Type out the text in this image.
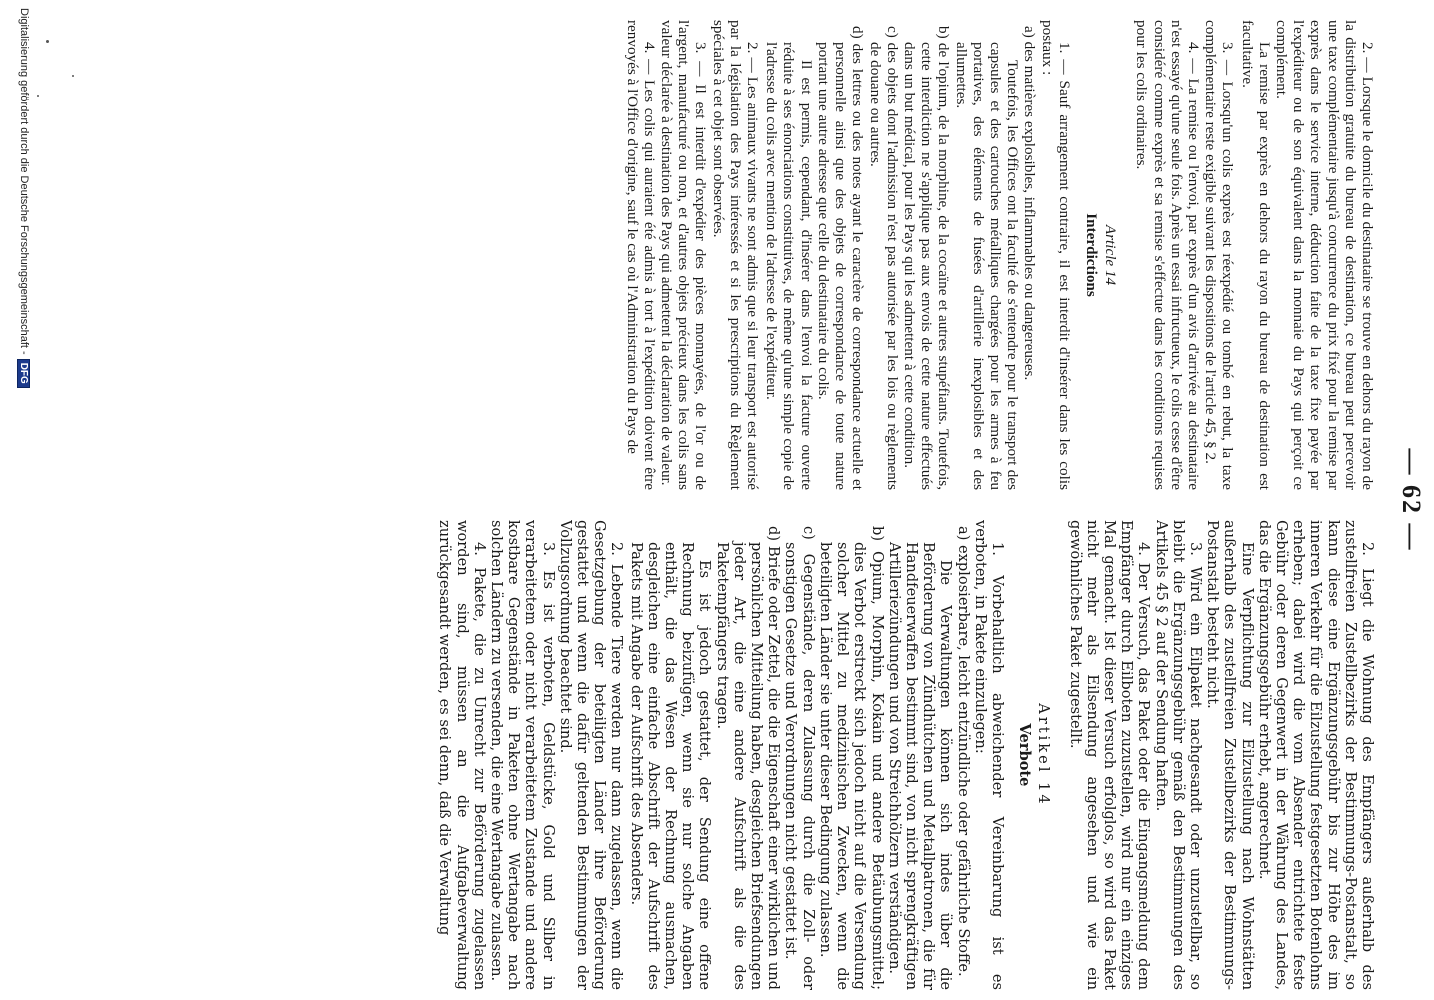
— 62 —

2. — Lorsque le domicile du destinataire se trouve en dehors du rayon de la distribution gratuite du bureau de destination, ce bureau peut percevoir une taxe complémentaire jusqu'à concurrence du prix fixé pour la remise par exprès dans le service interne, déduction faite de la taxe fixe payée par l'expéditeur ou de son équivalent dans la monnaie du Pays qui perçoit ce complément.

La remise par exprès en dehors du rayon du bureau de destination est facultative.

3. — Lorsqu'un colis exprès est réexpédié ou tombé en rebut, la taxe complémentaire reste exigible suivant les dispositions de l'article 45, § 2.

4. — La remise ou l'envoi, par exprès d'un avis d'arrivée au destinataire n'est essayé qu'une seule fois. Après un essai infructueux, le colis cesse d'être considéré comme exprès et sa remise s'effectue dans les conditions requises pour les colis ordinaires.

Article 14
Interdictions

1. — Sauf arrangement contraire, il est interdit d'insérer dans les colis postaux :

a) des matières explosibles, inflammables ou dangereuses.

Toutefois, les Offices ont la faculté de s'entendre pour le transport des capsules et des cartouches métalliques chargées pour les armes à feu portatives, des éléments de fusées d'artillerie inexplosibles et des allumettes.

b) de l'opium, de la morphine, de la cocaïne et autres stupéfiants. Toutefois, cette interdiction ne s'applique pas aux envois de cette nature effectués dans un but médical, pour les Pays qui les admettent à cette condition.

c) des objets dont l'admission n'est pas autorisée par les lois ou règlements de douane ou autres.

d) des lettres ou des notes ayant le caractère de correspondance actuelle et personnelle ainsi que des objets de correspondance de toute nature portant une autre adresse que celle du destinataire du colis.

Il est permis, cependant, d'insérer dans l'envoi la facture ouverte réduite à ses énonciations constitutives, de même qu'une simple copie de l'adresse du colis avec mention de l'adresse de l'expéditeur.

2. — Les animaux vivants ne sont admis que si leur transport est autorisé par la législation des Pays intéressés et si les prescriptions du Règlement spéciales à cet objet sont observées.

3. — Il est interdit d'expédier des pièces monnayées, de l'or ou de l'argent, manufacturé ou non, et d'autres objets précieux dans les colis sans valeur déclarée à destination des Pays qui admettent la déclaration de valeur.

4. — Les colis qui auraient été admis à tort à l'expédition doivent être renvoyés à l'Office d'origine, sauf le cas où l'Administration du Pays de

2. Liegt die Wohnung des Empfängers außerhalb des zustellfreien Zustellbezirks der Bestimmungs-Postanstalt, so kann diese eine Ergänzungsgebühr bis zur Höhe des im inneren Verkehr für die Eilzustellung festgesetzten Botenlohns erheben; dabei wird die vom Absender entrichtete feste Gebühr oder deren Gegenwert in der Währung des Landes, das die Ergänzungsgebühr erhebt, angerechnet.

Eine Verpflichtung zur Eilzustellung nach Wohnstätten außerhalb des zustellfreien Zustellbezirks der Bestimmungs-Postanstalt besteht nicht.

3. Wird ein Eilpaket nachgesandt oder unzustellbar, so bleibt die Ergänzungsgebühr gemäß den Bestimmungen des Artikels 45 § 2 auf der Sendung haften.

4. Der Versuch, das Paket oder die Eingangsmeldung dem Empfänger durch Eilboten zuzustellen, wird nur ein einziges Mal gemacht. Ist dieser Versuch erfolglos, so wird das Paket nicht mehr als Eilsendung angesehen und wie ein gewöhnliches Paket zugestellt.

Artikel 14
Verbote

1. Vorbehaltlich abweichender Vereinbarung ist es verboten, in Pakete einzulegen:

a) explosierbare, leicht entzündliche oder gefährliche Stoffe.

Die Verwaltungen können sich indes über die Beförderung von Zündhütchen und Metallpatronen, die für Handfeuerwaffen bestimmt sind, von nicht sprengkräftigen Artilleriezündungen und von Streichhölzern verständigen.

b) Opium, Morphin, Kokain und andere Betäubungsmittel; dies Verbot erstreckt sich jedoch nicht auf die Versendung solcher Mittel zu medizinischen Zwecken, wenn die beteiligten Länder sie unter dieser Bedingung zulassen.

c) Gegenstände, deren Zulassung durch die Zoll- oder sonstigen Gesetze und Verordnungen nicht gestattet ist.

d) Briefe oder Zettel, die die Eigenschaft einer wirklichen und persönlichen Mitteilung haben, desgleichen Briefsendungen jeder Art, die eine andere Aufschrift als die des Paketempfängers tragen.

Es ist jedoch gestattet, der Sendung eine offene Rechnung beizufügen, wenn sie nur solche Angaben enthält, die das Wesen der Rechnung ausmachen, desgleichen eine einfache Abschrift der Aufschrift des Pakets mit Angabe der Aufschrift des Absenders.

2. Lebende Tiere werden nur dann zugelassen, wenn die Gesetzgebung der beteiligten Länder ihre Beförderung gestattet und wenn die dafür geltenden Bestimmungen der Vollzugsordnung beachtet sind.

3. Es ist verboten, Geldstücke, Gold und Silber in verarbeitetem oder nicht verarbeitetem Zustande und andere kostbare Gegenstände in Paketen ohne Wertangabe nach solchen Ländern zu versenden, die eine Wertangabe zulassen.

4. Pakete, die zu Unrecht zur Beförderung zugelassen worden sind, müssen an die Aufgabeverwaltung zurückgesandt werden, es sei denn, daß die Verwaltung

Digitalisierung gefördert durch die Deutsche Forschungsgemeinschaft -DFG
